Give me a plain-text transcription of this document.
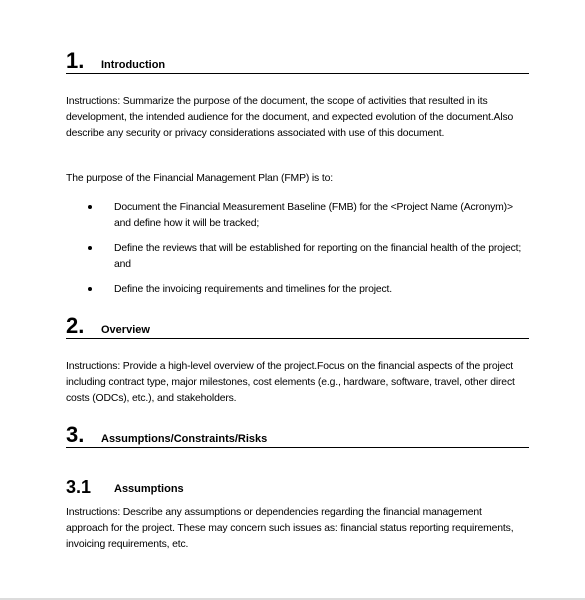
1. Introduction

Instructions: Summarize the purpose of the document, the scope of activities that resulted in its development, the intended audience for the document, and expected evolution of the document.Also describe any security or privacy considerations associated with use of this document.

The purpose of the Financial Management Plan (FMP) is to:

Document the Financial Measurement Baseline (FMB) for the <Project Name (Acronym)> and define how it will be tracked;

Define the reviews that will be established for reporting on the financial health of the project; and

Define the invoicing requirements and timelines for the project.

2. Overview

Instructions: Provide a high-level overview of the project.Focus on the financial aspects of the project including contract type, major milestones, cost elements (e.g., hardware, software, travel, other direct costs (ODCs), etc.), and stakeholders.

3. Assumptions/Constraints/Risks
3.1 Assumptions

Instructions: Describe any assumptions or dependencies regarding the financial management approach for the project. These may concern such issues as: financial status reporting requirements, invoicing requirements, etc.
